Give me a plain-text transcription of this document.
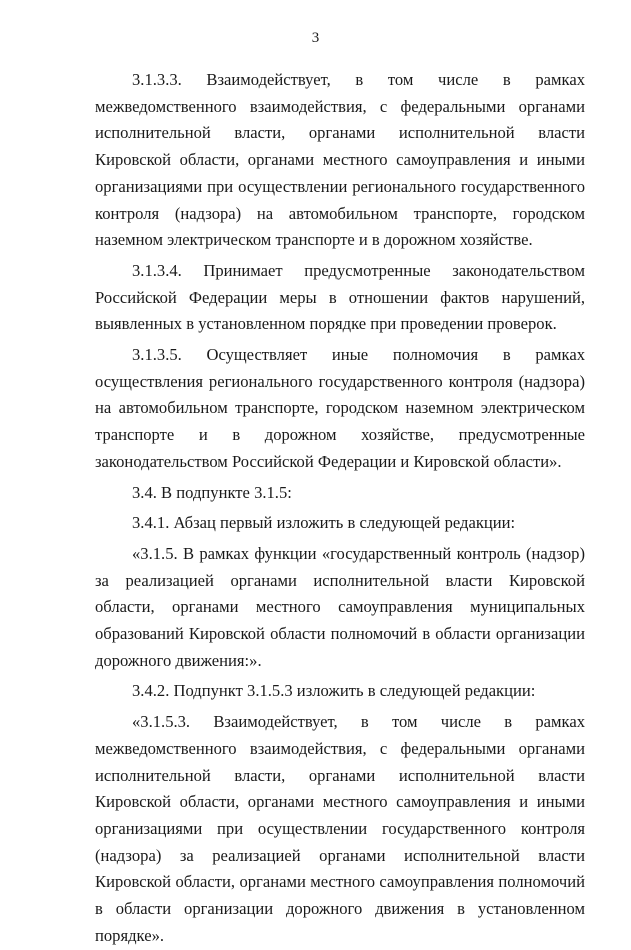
3

3.1.3.3. Взаимодействует, в том числе в рамках межведомственного взаимодействия, с федеральными органами исполнительной власти, органами исполнительной власти Кировской области, органами местного самоуправления и иными организациями при осуществлении регионального государственного контроля (надзора) на автомобильном транспорте, городском наземном электрическом транспорте и в дорожном хозяйстве.

3.1.3.4. Принимает предусмотренные законодательством Российской Федерации меры в отношении фактов нарушений, выявленных в установленном порядке при проведении проверок.

3.1.3.5. Осуществляет иные полномочия в рамках осуществления регионального государственного контроля (надзора) на автомобильном транспорте, городском наземном электрическом транспорте и в дорожном хозяйстве, предусмотренные законодательством Российской Федерации и Кировской области».

3.4. В подпункте 3.1.5:

3.4.1. Абзац первый изложить в следующей редакции:

«3.1.5. В рамках функции «государственный контроль (надзор) за реализацией органами исполнительной власти Кировской области, органами местного самоуправления муниципальных образований Кировской области полномочий в области организации дорожного движения:».

3.4.2. Подпункт 3.1.5.3 изложить в следующей редакции:

«3.1.5.3. Взаимодействует, в том числе в рамках межведомственного взаимодействия, с федеральными органами исполнительной власти, органами исполнительной власти Кировской области, органами местного самоуправления и иными организациями при осуществлении государственного контроля (надзора) за реализацией органами исполнительной власти Кировской области, органами местного самоуправления полномочий в области организации дорожного движения в установленном порядке».
